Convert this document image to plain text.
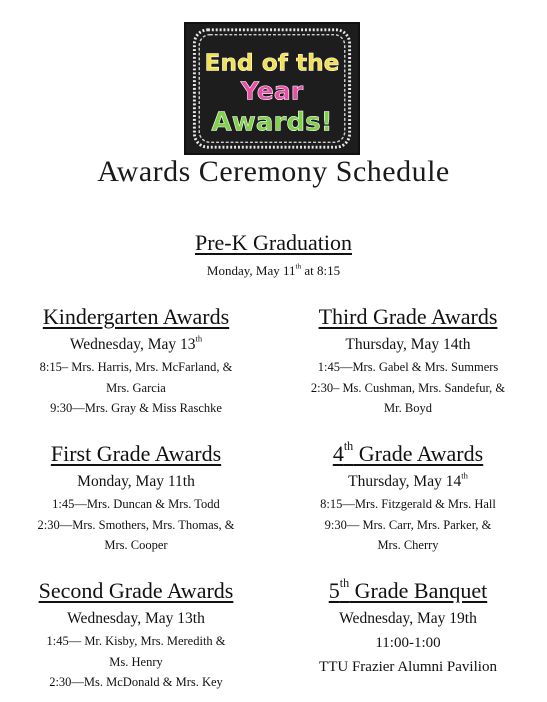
End of the
Year
Awards!
Awards Ceremony Schedule
Pre-K Graduation
Monday, May 11th at 8:15
Kindergarten Awards
Wednesday, May 13th
8:15– Mrs. Harris, Mrs. McFarland, &
Mrs. Garcia
9:30—Mrs. Gray & Miss Raschke
Third Grade Awards
Thursday, May 14th
1:45—Mrs. Gabel & Mrs. Summers
2:30– Ms. Cushman, Mrs. Sandefur, &
Mr. Boyd
First Grade Awards
Monday, May 11th
1:45—Mrs. Duncan & Mrs. Todd
2:30—Mrs. Smothers, Mrs. Thomas, &
Mrs. Cooper
4th Grade Awards
Thursday, May 14th
8:15—Mrs. Fitzgerald & Mrs. Hall
9:30— Mrs. Carr, Mrs. Parker, &
Mrs. Cherry
Second Grade Awards
Wednesday, May 13th
1:45— Mr. Kisby, Mrs. Meredith &
Ms. Henry
2:30—Ms. McDonald & Mrs. Key
5th Grade Banquet
Wednesday, May 19th
11:00-1:00
TTU Frazier Alumni Pavilion
